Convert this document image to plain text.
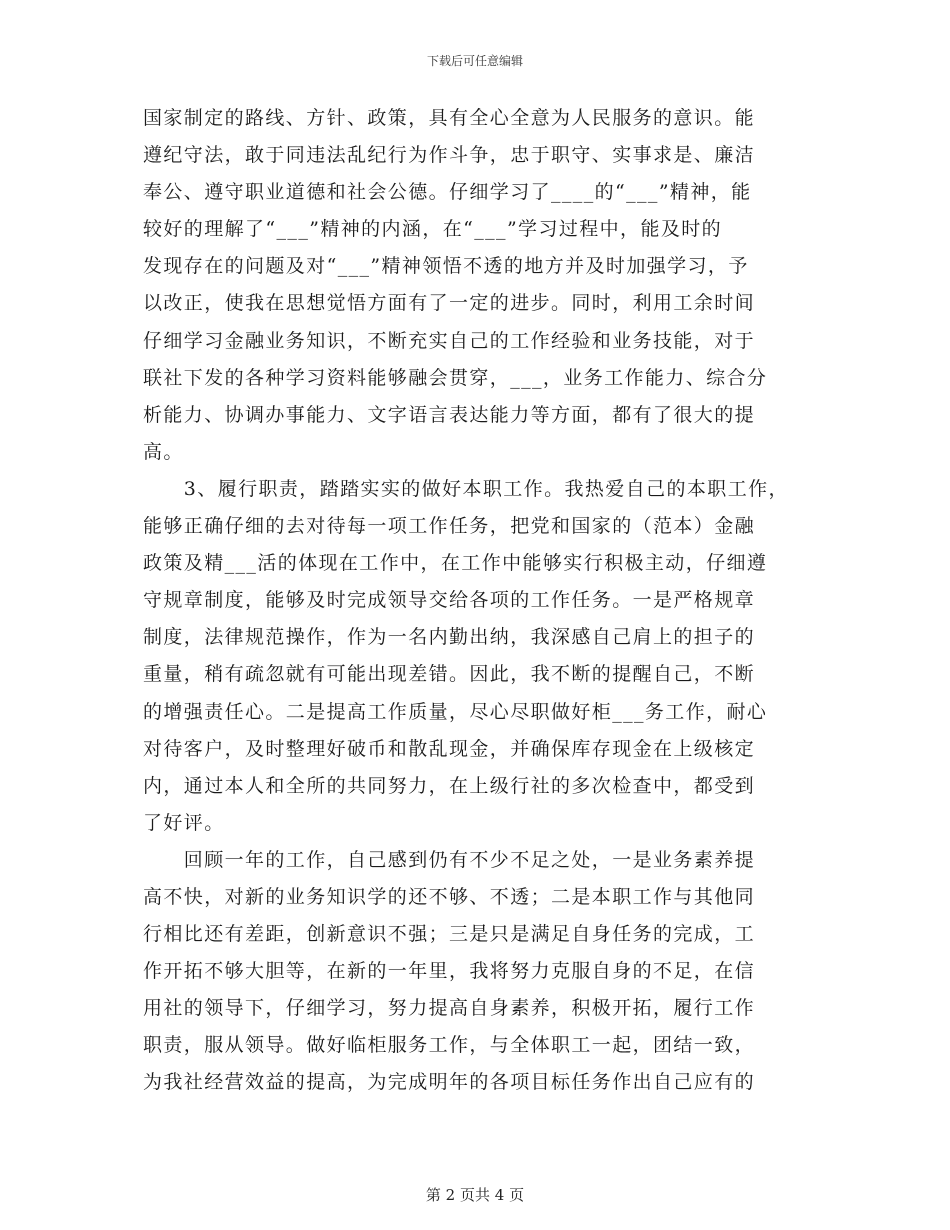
下载后可任意编辑
国家制定的路线、方针、政策，具有全心全意为人民服务的意识。能
遵纪守法，敢于同违法乱纪行为作斗争，忠于职守、实事求是、廉洁
奉公、遵守职业道德和社会公德。仔细学习了____的“___”精神，能
较好的理解了“___”精神的内涵，在“___”学习过程中，能及时的
发现存在的问题及对“___”精神领悟不透的地方并及时加强学习，予
以改正，使我在思想觉悟方面有了一定的进步。同时，利用工余时间
仔细学习金融业务知识，不断充实自己的工作经验和业务技能，对于
联社下发的各种学习资料能够融会贯穿，___，业务工作能力、综合分
析能力、协调办事能力、文字语言表达能力等方面，都有了很大的提
高。
　　3、履行职责，踏踏实实的做好本职工作。我热爱自己的本职工作，
能够正确仔细的去对待每一项工作任务，把党和国家的（范本）金融
政策及精___活的体现在工作中，在工作中能够实行积极主动，仔细遵
守规章制度，能够及时完成领导交给各项的工作任务。一是严格规章
制度，法律规范操作，作为一名内勤出纳，我深感自己肩上的担子的
重量，稍有疏忽就有可能出现差错。因此，我不断的提醒自己，不断
的增强责任心。二是提高工作质量，尽心尽职做好柜___务工作，耐心
对待客户，及时整理好破币和散乱现金，并确保库存现金在上级核定
内，通过本人和全所的共同努力，在上级行社的多次检查中，都受到
了好评。
　　回顾一年的工作，自己感到仍有不少不足之处，一是业务素养提
高不快，对新的业务知识学的还不够、不透；二是本职工作与其他同
行相比还有差距，创新意识不强；三是只是满足自身任务的完成，工
作开拓不够大胆等，在新的一年里，我将努力克服自身的不足，在信
用社的领导下，仔细学习，努力提高自身素养，积极开拓，履行工作
职责，服从领导。做好临柜服务工作，与全体职工一起，团结一致，
为我社经营效益的提高，为完成明年的各项目标任务作出自己应有的
第 2 页共 4 页
